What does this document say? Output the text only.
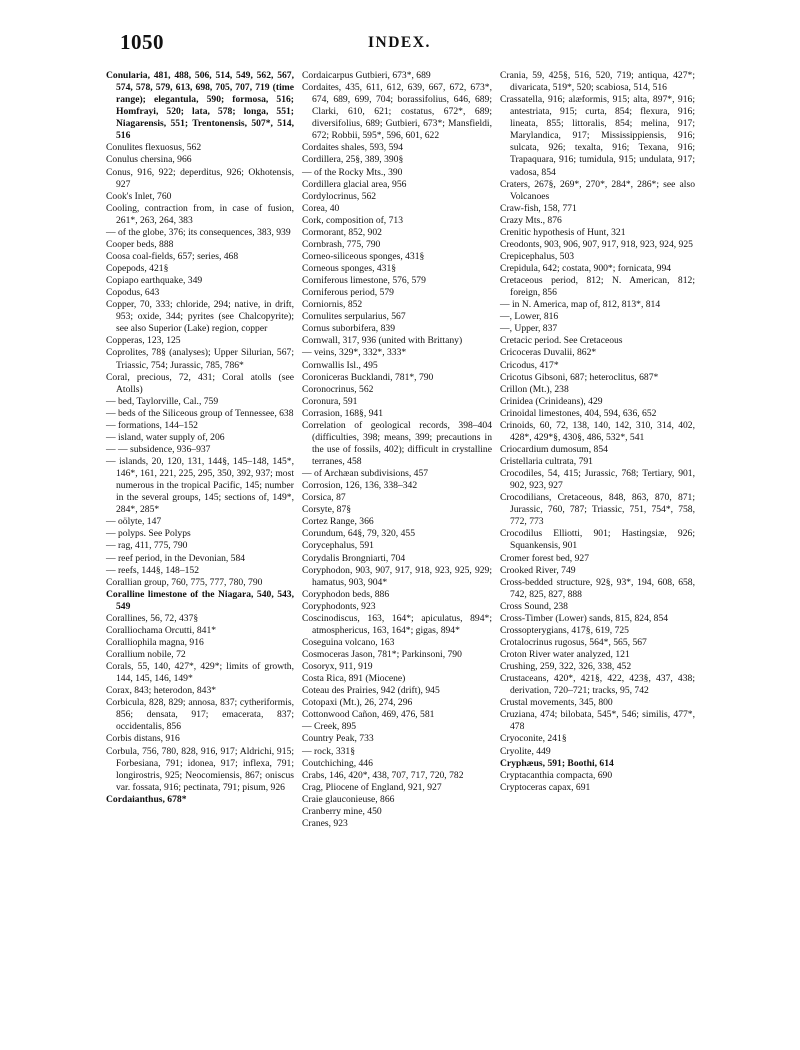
1050	INDEX.

Conularia, 481, 488, 506, 514, 549, 562, 567, 574, 578, 579, 613, 698, 705, 707, 719 (time range); elegantula, 590; formosa, 516; Homfrayi, 520; lata, 578; longa, 551; Niagarensis, 551; Trentonensis, 507*, 514, 516

Conulites flexuosus, 562

Conulus chersina, 966

Conus, 916, 922; deperditus, 926; Okhotensis, 927

Cook's Inlet, 760

Cooling, contraction from, in case of fusion, 261*, 263, 264, 383

— of the globe, 376; its consequences, 383, 939

Cooper beds, 888

Coosa coal-fields, 657; series, 468

Copepods, 421§

Copiapo earthquake, 349

Copodus, 643

Copper, 70, 333; chloride, 294; native, in drift, 953; oxide, 344; pyrites (see Chalcopyrite); see also Superior (Lake) region, copper

Copperas, 123, 125

Coprolites, 78§ (analyses); Upper Silurian, 567; Triassic, 754; Jurassic, 785, 786*

Coral, precious, 72, 431; Coral atolls (see Atolls)

— bed, Taylorville, Cal., 759

— beds of the Siliceous group of Tennessee, 638

— formations, 144–152

— island, water supply of, 206

— — subsidence, 936–937

— islands, 20, 120, 131, 144§, 145–148, 145*, 146*, 161, 221, 225, 295, 350, 392, 937; most numerous in the tropical Pacific, 145; number in the several groups, 145; sections of, 149*, 284*, 285*

— oölyte, 147

— polyps. See Polyps

— rag, 411, 775, 790

— reef period, in the Devonian, 584

— reefs, 144§, 148–152

Corallian group, 760, 775, 777, 780, 790

Coralline limestone of the Niagara, 540, 543, 549

Corallines, 56, 72, 437§

Coralliochama Orcutti, 841*

Coralliophila magna, 916

Corallium nobile, 72

Corals, 55, 140, 427*, 429*; limits of growth, 144, 145, 146, 149*

Corax, 843; heterodon, 843*

Corbicula, 828, 829; annosa, 837; cytheriformis, 856; densata, 917; emacerata, 837; occidentalis, 856

Corbis distans, 916

Corbula, 756, 780, 828, 916, 917; Aldrichi, 915; Forbesiana, 791; idonea, 917; inflexa, 791; longirostris, 925; Neocomiensis, 867; oniscus var. fossata, 916; pectinata, 791; pisum, 926

Cordaianthus, 678*

Cordaicarpus Gutbieri, 673*, 689

Cordaites, 435, 611, 612, 639, 667, 672, 673*, 674, 689, 699, 704; borassifolius, 646, 689; Clarki, 610, 621; costatus, 672*, 689; diversifolius, 689; Gutbieri, 673*; Mansfieldi, 672; Robbii, 595*, 596, 601, 622

Cordaites shales, 593, 594

Cordillera, 25§, 389, 390§

— of the Rocky Mts., 390

Cordillera glacial area, 956

Cordylocrinus, 562

Corea, 40

Cork, composition of, 713

Cormorant, 852, 902

Cornbrash, 775, 790

Corneo-siliceous sponges, 431§

Corneous sponges, 431§

Corniferous limestone, 576, 579

Corniferous period, 579

Corniornis, 852

Cornulites serpularius, 567

Cornus suborbifera, 839

Cornwall, 317, 936 (united with Brittany)

— veins, 329*, 332*, 333*

Cornwallis Isl., 495

Coroniceras Bucklandi, 781*, 790

Coronocrinus, 562

Coronura, 591

Corrasion, 168§, 941

Correlation of geological records, 398–404 (difficulties, 398; means, 399; precautions in the use of fossils, 402); difficult in crystalline terranes, 458

— of Archæan subdivisions, 457

Corrosion, 126, 136, 338–342

Corsica, 87

Corsyte, 87§

Cortez Range, 366

Corundum, 64§, 79, 320, 455

Corycephalus, 591

Corydalis Brongniarti, 704

Coryphodon, 903, 907, 917, 918, 923, 925, 929; hamatus, 903, 904*

Coryphodon beds, 886

Coryphodonts, 923

Coscinodiscus, 163, 164*; apiculatus, 894*; atmosphericus, 163, 164*; gigas, 894*

Coseguina volcano, 163

Cosmoceras Jason, 781*; Parkinsoni, 790

Cosoryx, 911, 919

Costa Rica, 891 (Miocene)

Coteau des Prairies, 942 (drift), 945

Cotopaxi (Mt.), 26, 274, 296

Cottonwood Cañon, 469, 476, 581

— Creek, 895

Country Peak, 733

— rock, 331§

Coutchiching, 446

Crabs, 146, 420*, 438, 707, 717, 720, 782

Crag, Pliocene of England, 921, 927

Craie glauconieuse, 866

Cranberry mine, 450

Cranes, 923

Crania, 59, 425§, 516, 520, 719; antiqua, 427*; divaricata, 519*, 520; scabiosa, 514, 516

Crassatella, 916; alæformis, 915; alta, 897*, 916; antestriata, 915; curta, 854; flexura, 916; lineata, 855; littoralis, 854; melina, 917; Marylandica, 917; Mississippiensis, 916; sulcata, 926; texalta, 916; Texana, 916; Trapaquara, 916; tumidula, 915; undulata, 917; vadosa, 854

Craters, 267§, 269*, 270*, 284*, 286*; see also Volcanoes

Craw-fish, 158, 771

Crazy Mts., 876

Crenitic hypothesis of Hunt, 321

Creodonts, 903, 906, 907, 917, 918, 923, 924, 925

Crepicephalus, 503

Crepidula, 642; costata, 900*; fornicata, 994

Cretaceous period, 812; N. American, 812; foreign, 856

— in N. America, map of, 812, 813*, 814

—, Lower, 816

—, Upper, 837

Cretacic period. See Cretaceous

Cricoceras Duvalii, 862*

Cricodus, 417*

Cricotus Gibsoni, 687; heteroclitus, 687*

Crillon (Mt.), 238

Crinidea (Crinideans), 429

Crinoidal limestones, 404, 594, 636, 652

Crinoids, 60, 72, 138, 140, 142, 310, 314, 402, 428*, 429*§, 430§, 486, 532*, 541

Criocardium dumosum, 854

Cristellaria cultrata, 791

Crocodiles, 54, 415; Jurassic, 768; Tertiary, 901, 902, 923, 927

Crocodilians, Cretaceous, 848, 863, 870, 871; Jurassic, 760, 787; Triassic, 751, 754*, 758, 772, 773

Crocodilus Elliotti, 901; Hastingsiæ, 926; Squankensis, 901

Cromer forest bed, 927

Crooked River, 749

Cross-bedded structure, 92§, 93*, 194, 608, 658, 742, 825, 827, 888

Cross Sound, 238

Cross-Timber (Lower) sands, 815, 824, 854

Crossopterygians, 417§, 619, 725

Crotalocrinus rugosus, 564*, 565, 567

Croton River water analyzed, 121

Crushing, 259, 322, 326, 338, 452

Crustaceans, 420*, 421§, 422, 423§, 437, 438; derivation, 720–721; tracks, 95, 742

Crustal movements, 345, 800

Cruziana, 474; bilobata, 545*, 546; similis, 477*, 478

Cryoconite, 241§

Cryolite, 449

Cryphæus, 591; Boothi, 614

Cryptacanthia compacta, 690

Cryptoceras capax, 691
